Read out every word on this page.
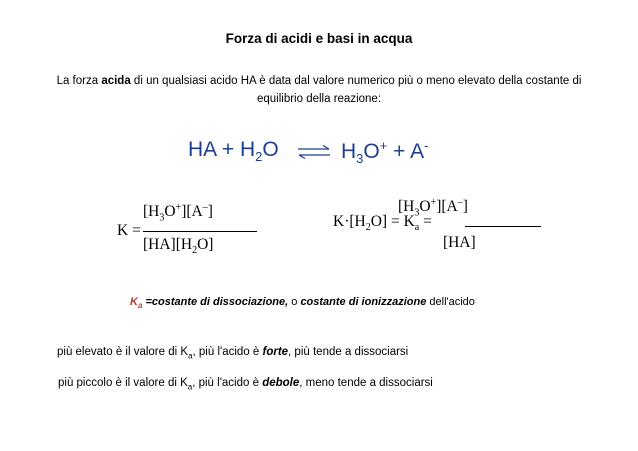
Forza di acidi e basi in acqua
La forza acida di un qualsiasi acido HA è data dal valore numerico più o meno elevato della costante di equilibrio della reazione:
HA + $H_2O$ ⇌ $H_3O^+ + A^-$
K =
$[H_3O^+][A^-]$
$[HA][H_2O]$
$K\cdot[H_2O] = K_a$ =
$[H_3O^+][A^-]$
[HA]
$K_a$ =costante di dissociazione, o costante di ionizzazione dell'acido
più elevato è il valore di $K_a$, più l'acido è forte, più tende a dissociarsi
più piccolo è il valore di $K_a$, più l'acido è debole, meno tende a dissociarsi
